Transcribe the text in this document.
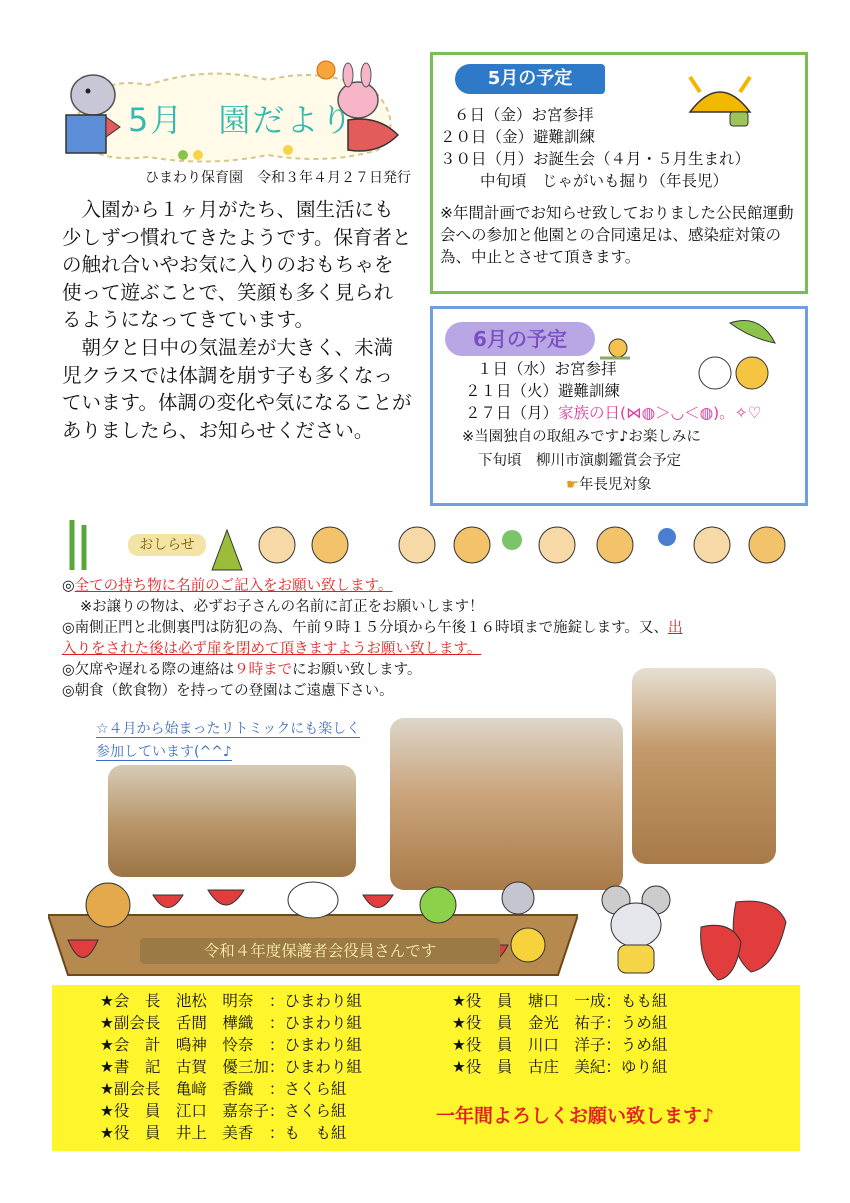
5月　園だより
ひまわり保育園　令和３年４月２７日発行

入園から１ヶ月がたち、園生活にも少しずつ慣れてきたようです。保育者との触れ合いやお気に入りのおもちゃを使って遊ぶことで、笑顔も多く見られるようになってきています。

朝夕と日中の気温差が大きく、未満児クラスでは体調を崩す子も多くなっています。体調の変化や気になることがありましたら、お知らせください。

5月の予定
６日（金）お宮参拝
２０日（金）避難訓練
３０日（月）お誕生会（４月・５月生まれ）
中旬頃　じゃがいも掘り（年長児）
※年間計画でお知らせ致しておりました公民館運動会への参加と他園との合同遠足は、感染症対策の為、中止とさせて頂きます。
6月の予定
１日（水）お宮参拝
２１日（火）避難訓練
２７日（月）家族の日(⋈◍＞◡＜◍)。✧♡
※当園独自の取組みです♪お楽しみに
下旬頃　柳川市演劇鑑賞会予定
☛年長児対象
おしらせ
◎全ての持ち物に名前のご記入をお願い致します。
※お譲りの物は、必ずお子さんの名前に訂正をお願いします！
◎南側正門と北側裏門は防犯の為、午前９時１５分頃から午後１６時頃まで施錠します。又、出
入りをされた後は必ず扉を閉めて頂きますようお願い致します。
◎欠席や遅れる際の連絡は９時までにお願い致します。
◎朝食（飲食物）を持っての登園はご遠慮下さい。
☆４月から始まったリトミックにも楽しく
参加しています(^^♪
令和４年度保護者会役員さんです
★会　長　池松　明奈　：ひまわり組
★副会長　舌間　樺織　：ひまわり組
★会　計　鳴神　怜奈　：ひまわり組
★書　記　古賀　優三加：ひまわり組
★副会長　亀﨑　香織　：さくら組
★役　員　江口　嘉奈子：さくら組
★役　員　井上　美香　：も　も組
★役　員　塘口　一成：もも組
★役　員　金光　祐子：うめ組
★役　員　川口　洋子：うめ組
★役　員　古庄　美紀：ゆり組
一年間よろしくお願い致します♪
